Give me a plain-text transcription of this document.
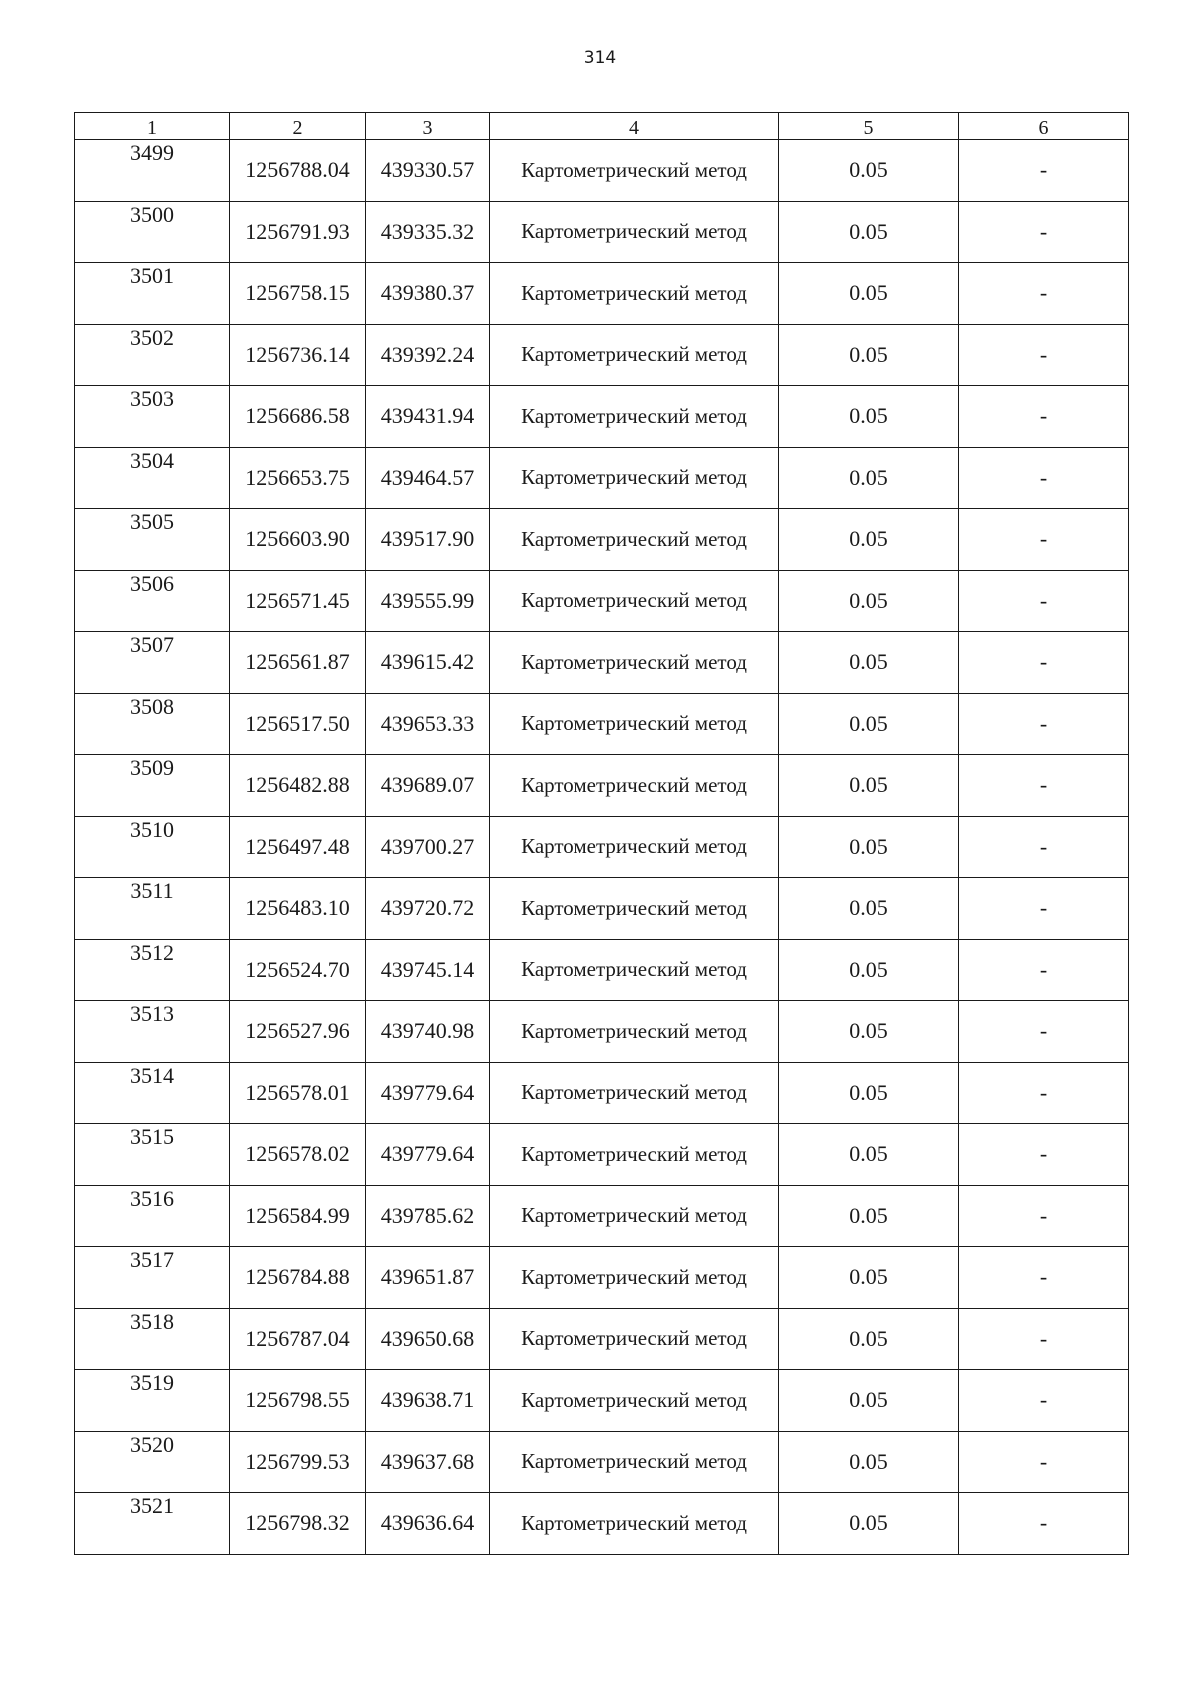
314
1	2	3	4	5	6
3499	1256788.04	439330.57	Картометрический метод	0.05	-
3500	1256791.93	439335.32	Картометрический метод	0.05	-
3501	1256758.15	439380.37	Картометрический метод	0.05	-
3502	1256736.14	439392.24	Картометрический метод	0.05	-
3503	1256686.58	439431.94	Картометрический метод	0.05	-
3504	1256653.75	439464.57	Картометрический метод	0.05	-
3505	1256603.90	439517.90	Картометрический метод	0.05	-
3506	1256571.45	439555.99	Картометрический метод	0.05	-
3507	1256561.87	439615.42	Картометрический метод	0.05	-
3508	1256517.50	439653.33	Картометрический метод	0.05	-
3509	1256482.88	439689.07	Картометрический метод	0.05	-
3510	1256497.48	439700.27	Картометрический метод	0.05	-
3511	1256483.10	439720.72	Картометрический метод	0.05	-
3512	1256524.70	439745.14	Картометрический метод	0.05	-
3513	1256527.96	439740.98	Картометрический метод	0.05	-
3514	1256578.01	439779.64	Картометрический метод	0.05	-
3515	1256578.02	439779.64	Картометрический метод	0.05	-
3516	1256584.99	439785.62	Картометрический метод	0.05	-
3517	1256784.88	439651.87	Картометрический метод	0.05	-
3518	1256787.04	439650.68	Картометрический метод	0.05	-
3519	1256798.55	439638.71	Картометрический метод	0.05	-
3520	1256799.53	439637.68	Картометрический метод	0.05	-
3521	1256798.32	439636.64	Картометрический метод	0.05	-
